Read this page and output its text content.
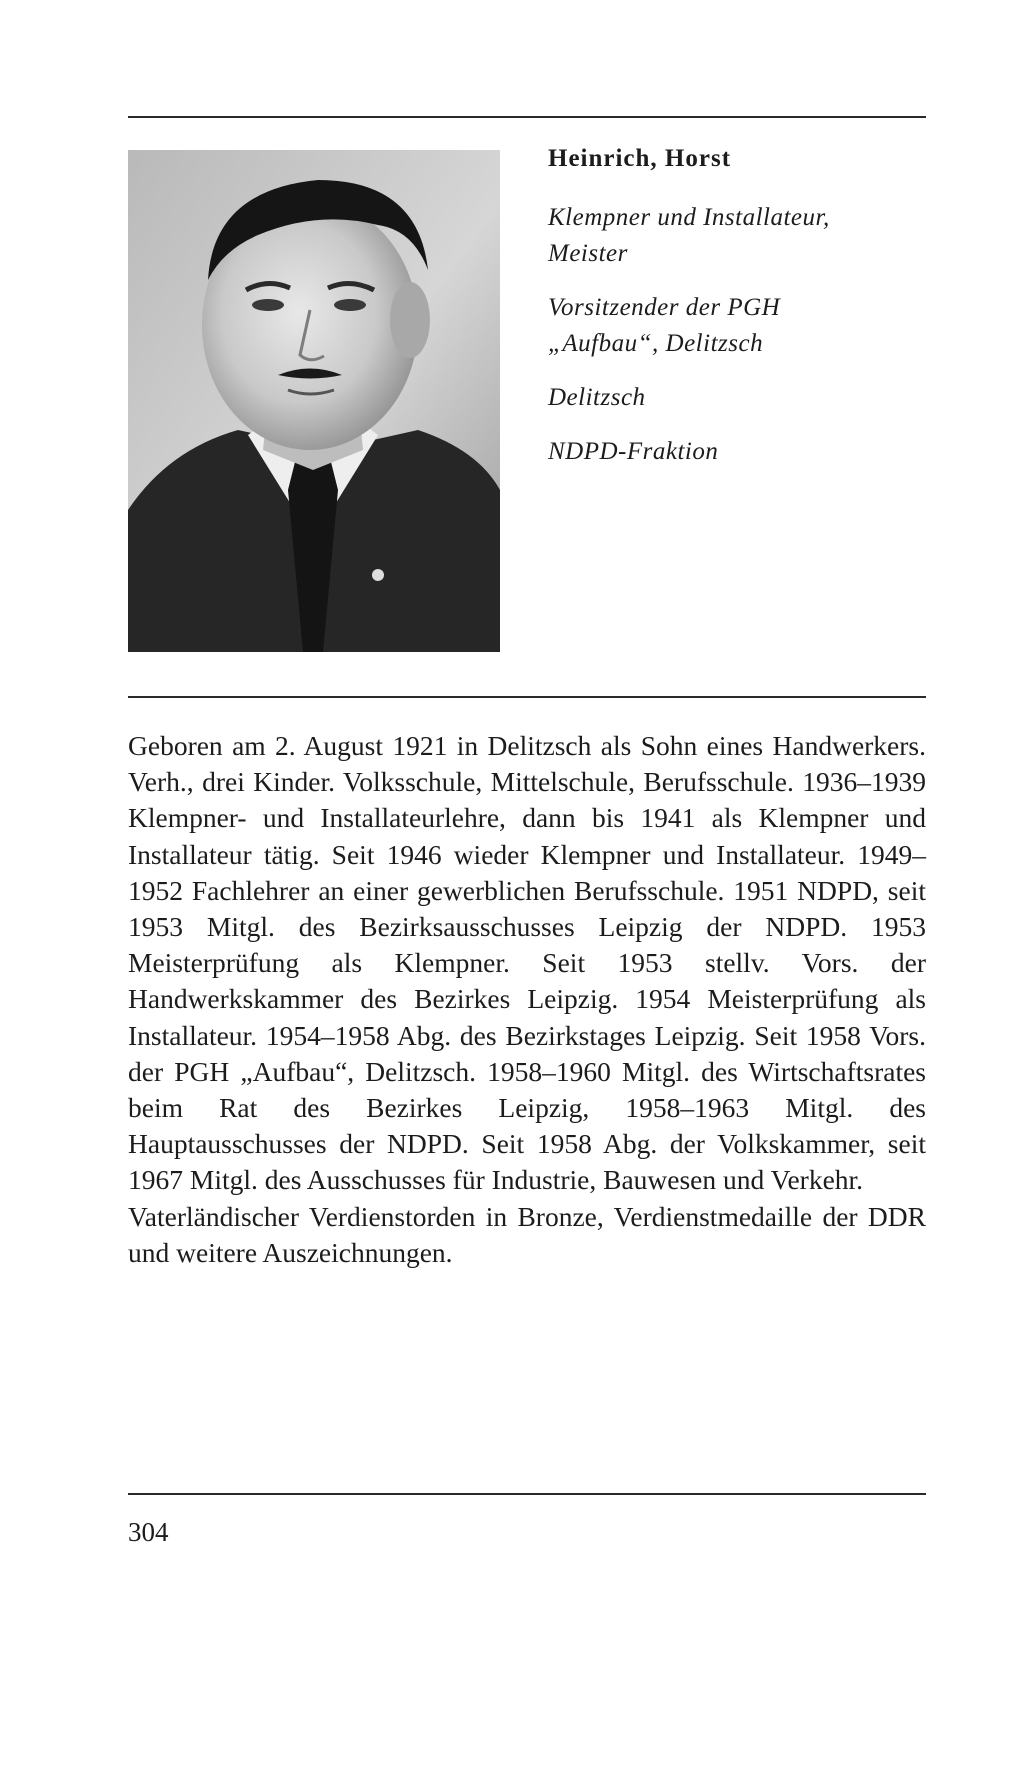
Heinrich, Horst
Klempner und Installateur,
Meister
Vorsitzender der PGH
„Aufbau“, Delitzsch
Delitzsch
NDPD-Fraktion

Geboren am 2. August 1921 in Delitzsch als Sohn eines Handwerkers. Verh., drei Kinder. Volksschule, Mittelschule, Berufsschule. 1936–1939 Klempner- und Installateurlehre, dann bis 1941 als Klempner und Installateur tätig. Seit 1946 wieder Klempner und Installateur. 1949–1952 Fachlehrer an einer gewerblichen Berufsschule. 1951 NDPD, seit 1953 Mitgl. des Bezirksausschusses Leipzig der NDPD. 1953 Meisterprüfung als Klempner. Seit 1953 stellv. Vors. der Handwerkskammer des Bezirkes Leipzig. 1954 Meisterprüfung als Installateur. 1954–1958 Abg. des Bezirkstages Leipzig. Seit 1958 Vors. der PGH „Aufbau“, Delitzsch. 1958–1960 Mitgl. des Wirtschaftsrates beim Rat des Bezirkes Leipzig, 1958–1963 Mitgl. des Hauptausschusses der NDPD. Seit 1958 Abg. der Volkskammer, seit 1967 Mitgl. des Ausschusses für Industrie, Bauwesen und Verkehr.

Vaterländischer Verdienstorden in Bronze, Verdienstmedaille der DDR und weitere Auszeichnungen.

304
